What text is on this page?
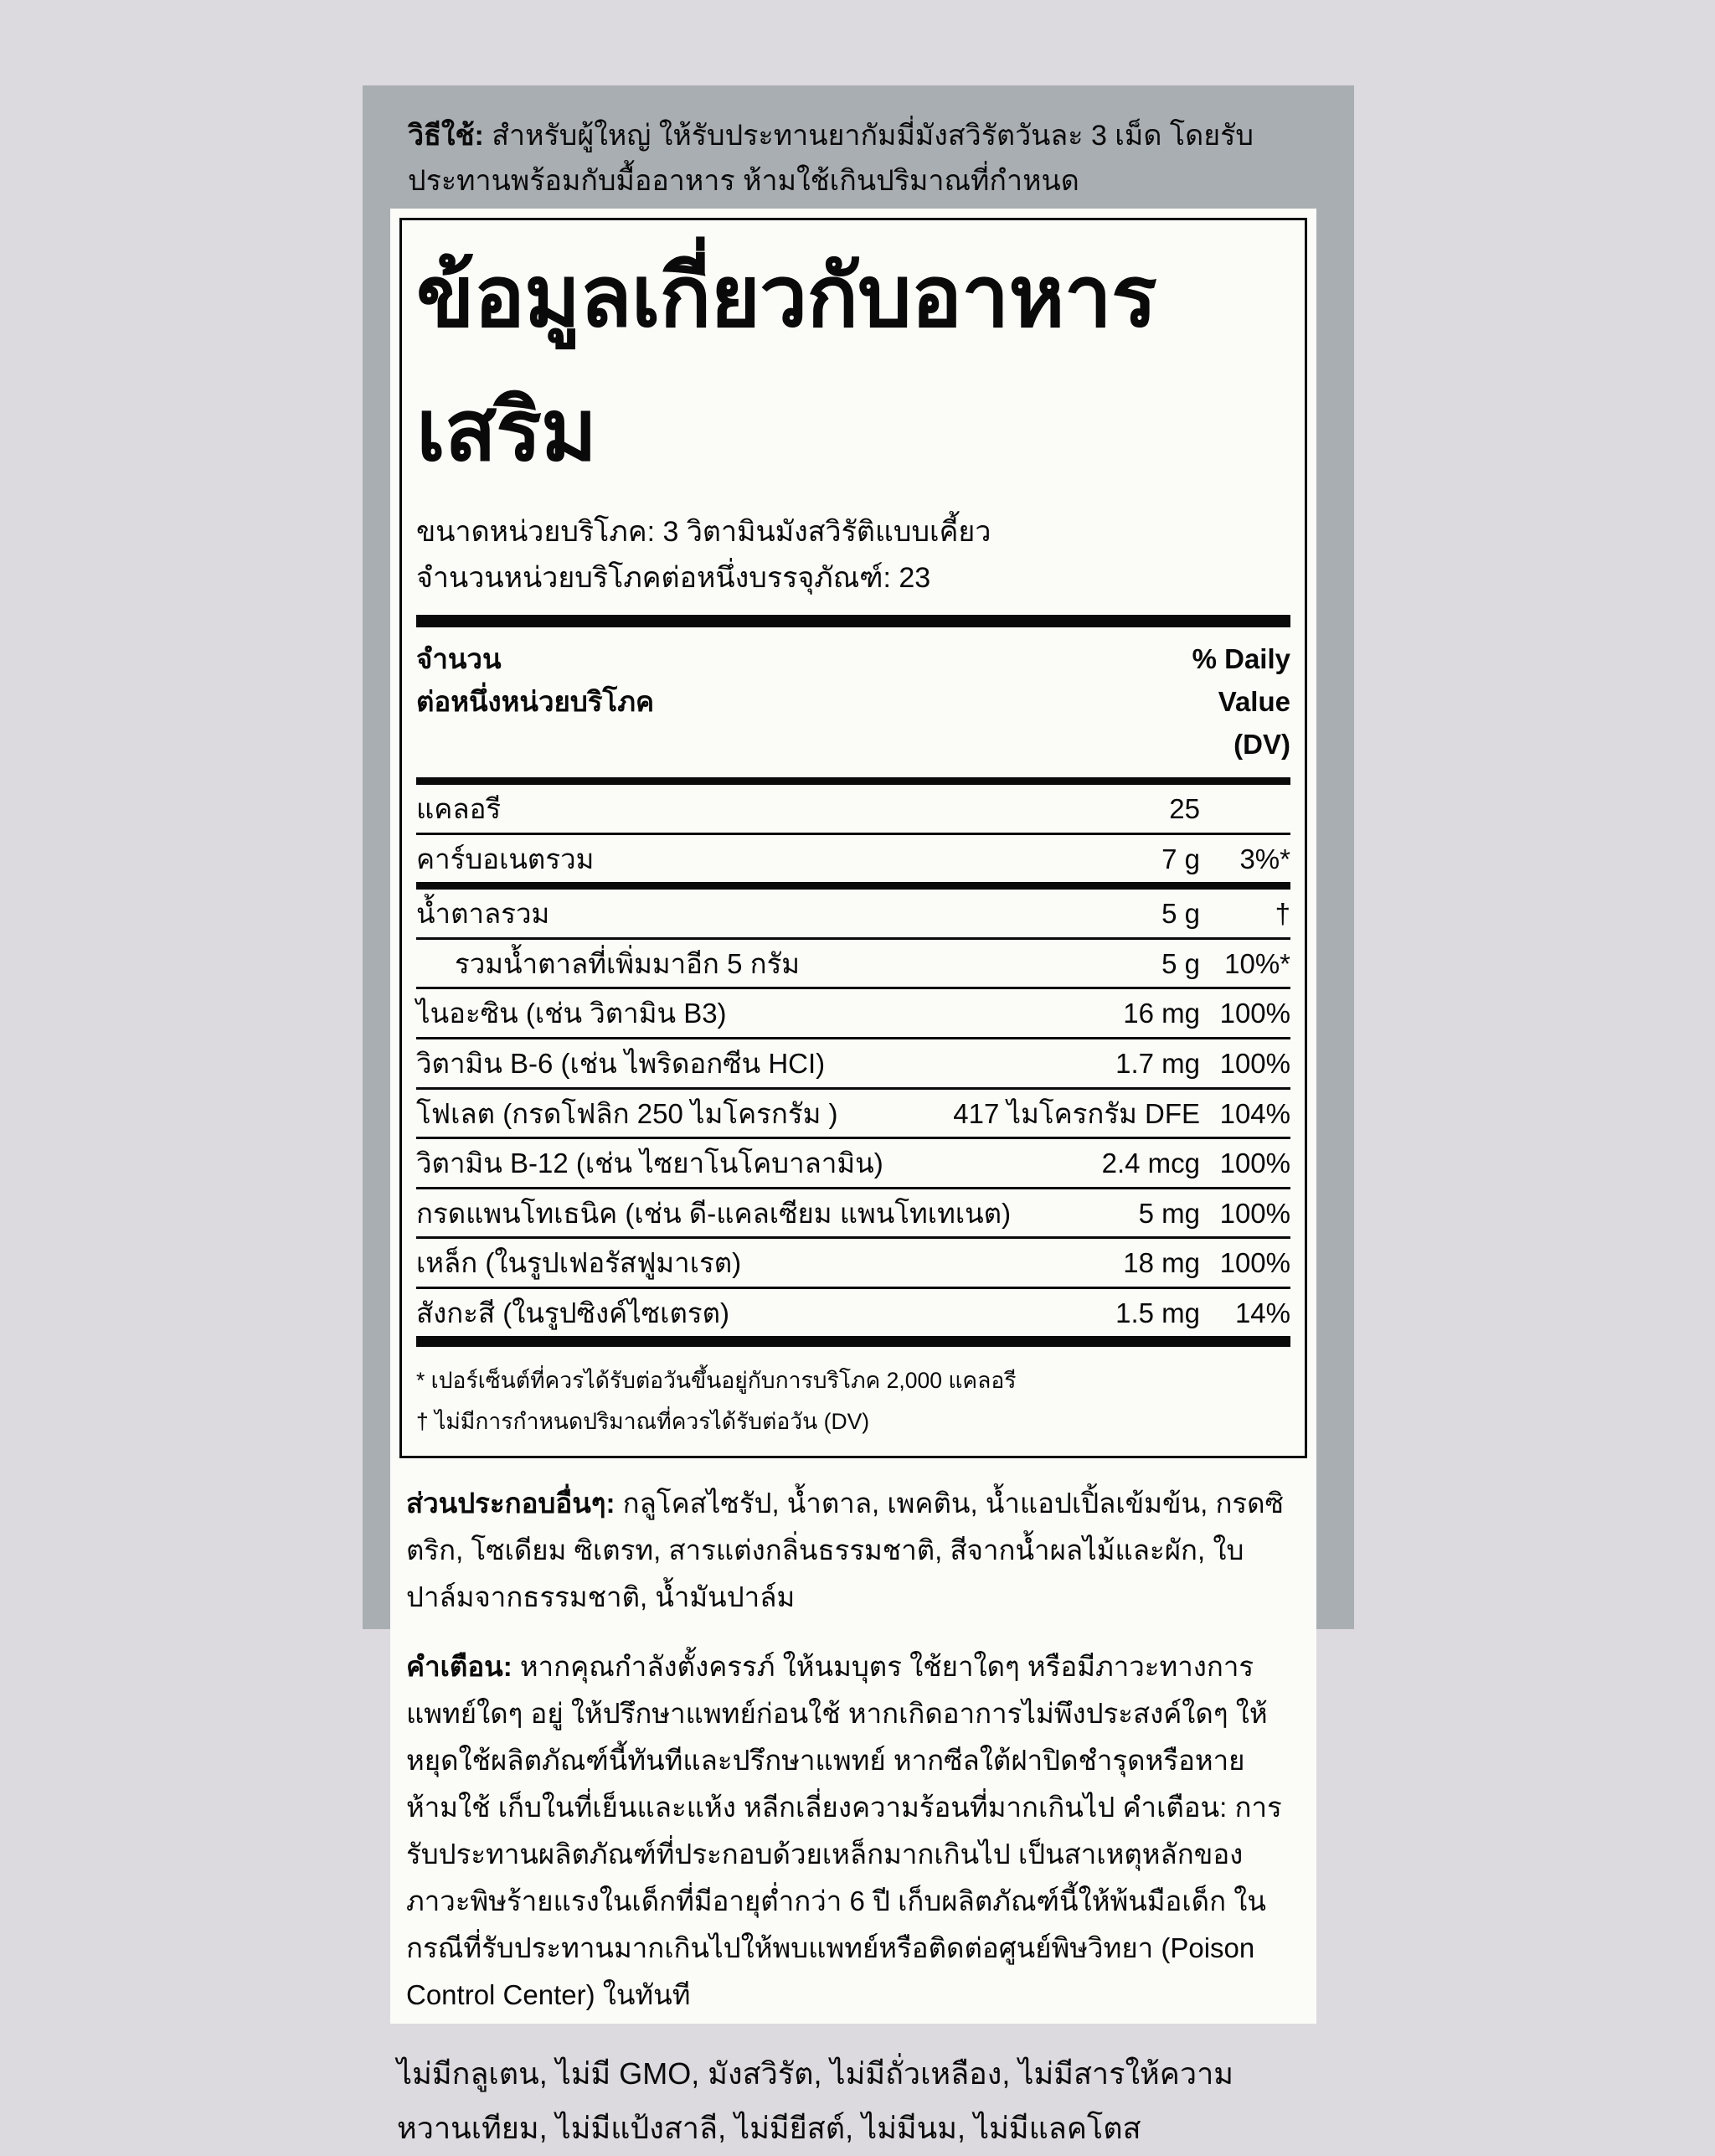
วิธีใช้: สำหรับผู้ใหญ่ ให้รับประทานยากัมมี่มังสวิรัตวันละ 3 เม็ด โดยรับประทานพร้อมกับมื้ออาหาร ห้ามใช้เกินปริมาณที่กำหนด

ข้อมูลเกี่ยวกับอาหาร
เสริม
ขนาดหน่วยบริโภค: 3 วิตามินมังสวิรัติแบบเคี้ยว
จำนวนหน่วยบริโภคต่อหนึ่งบรรจุภัณฑ์: 23
จำนวน
ต่อหนึ่งหน่วยบริโภค
% Daily
Value
(DV)
แคลอรี	25
คาร์บอเนตรวม	7 g	3%*
น้ำตาลรวม	5 g	†
รวมน้ำตาลที่เพิ่มมาอีก 5 กรัม	5 g 10%*
ไนอะซิน (เช่น วิตามิน B3)	16 mg 100%
วิตามิน B-6 (เช่น ไพริดอกซีน HCI)	1.7 mg 100%
โฟเลต (กรดโฟลิก 250 ไมโครกรัม )	417 ไมโครกรัม DFE 104%
วิตามิน B-12 (เช่น ไซยาโนโคบาลามิน)	2.4 mcg 100%
กรดแพนโทเธนิค (เช่น ดี-แคลเซียม แพนโทเทเนต)	5 mg 100%
เหล็ก (ในรูปเฟอรัสฟูมาเรต)	18 mg 100%
สังกะสี (ในรูปซิงค์ไซเตรต)	1.5 mg	14%
* เปอร์เซ็นต์ที่ควรได้รับต่อวันขึ้นอยู่กับการบริโภค 2,000 แคลอรี
† ไม่มีการกำหนดปริมาณที่ควรได้รับต่อวัน (DV)

ส่วนประกอบอื่นๆ: กลูโคสไซรัป, น้ำตาล, เพคติน, น้ำแอปเปิ้ลเข้มข้น, กรดซิตริก, โซเดียม ซิเตรท, สารแต่งกลิ่นธรรมชาติ, สีจากน้ำผลไม้และผัก, ใบปาล์มจากธรรมชาติ, น้ำมันปาล์ม

คำเตือน: หากคุณกำลังตั้งครรภ์ ให้นมบุตร ใช้ยาใดๆ หรือมีภาวะทางการแพทย์ใดๆ อยู่ ให้ปรึกษาแพทย์ก่อนใช้ หากเกิดอาการไม่พึงประสงค์ใดๆ ให้หยุดใช้ผลิตภัณฑ์นี้ทันทีและปรึกษาแพทย์ หากซีลใต้ฝาปิดชำรุดหรือหาย ห้ามใช้ เก็บในที่เย็นและแห้ง หลีกเลี่ยงความร้อนที่มากเกินไป คำเตือน: การรับประทานผลิตภัณฑ์ที่ประกอบด้วยเหล็กมากเกินไป เป็นสาเหตุหลักของภาวะพิษร้ายแรงในเด็กที่มีอายุต่ำกว่า 6 ปี เก็บผลิตภัณฑ์นี้ให้พ้นมือเด็ก ในกรณีที่รับประทานมากเกินไปให้พบแพทย์หรือติดต่อศูนย์พิษวิทยา (Poison Control Center) ในทันที

ไม่มีกลูเตน, ไม่มี GMO, มังสวิรัต, ไม่มีถั่วเหลือง, ไม่มีสารให้ความหวานเทียม, ไม่มีแป้งสาลี, ไม่มียีสต์, ไม่มีนม, ไม่มีแลคโตส
